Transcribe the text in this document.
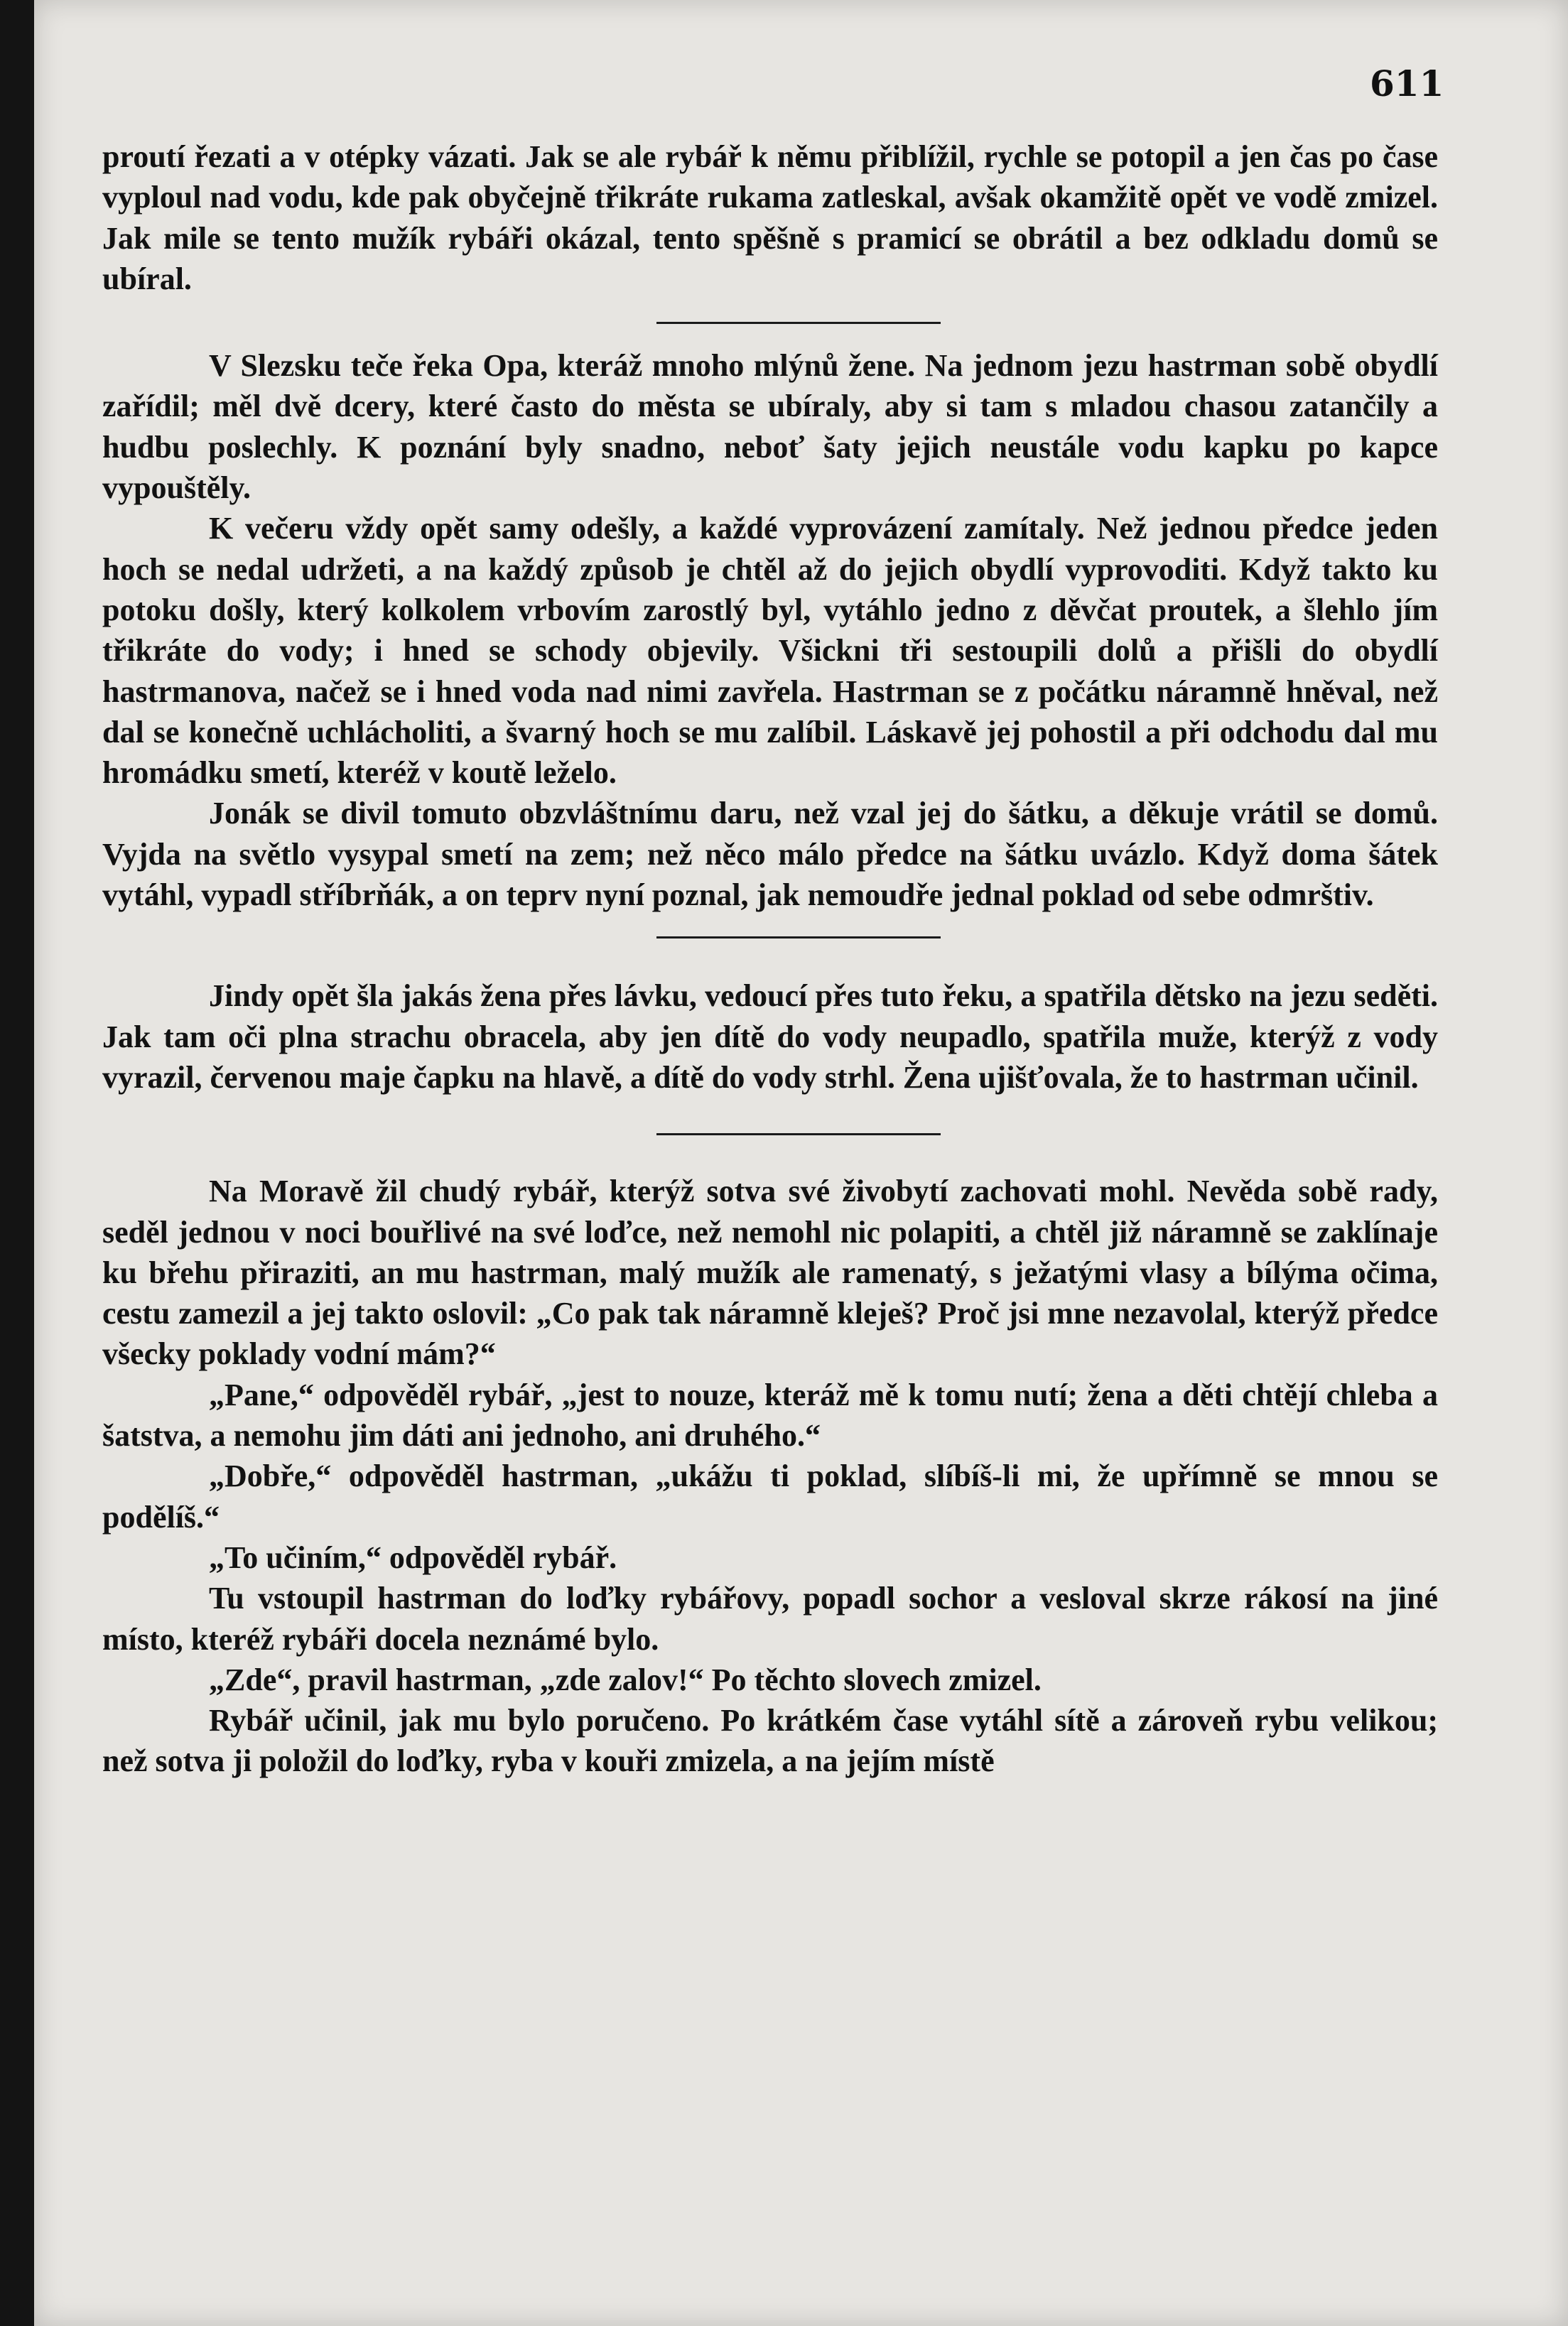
611

proutí řezati a v otépky vázati. Jak se ale rybář k němu přiblížil, rychle se potopil a jen čas po čase vyploul nad vodu, kde pak obyčejně třikráte rukama zatleskal, avšak okamžitě opět ve vodě zmizel. Jak mile se tento mužík rybáři okázal, tento spěšně s pramicí se obrátil a bez odkladu domů se ubíral.

V Slezsku teče řeka Opa, kteráž mnoho mlýnů žene. Na jednom jezu hastrman sobě obydlí zařídil; měl dvě dcery, které často do města se ubíraly, aby si tam s mladou chasou zatančily a hudbu poslechly. K poznání byly snadno, neboť šaty jejich neustále vodu kapku po kapce vypouštěly.

K večeru vždy opět samy odešly, a každé vyprovázení zamítaly. Než jednou předce jeden hoch se nedal udržeti, a na každý způsob je chtěl až do jejich obydlí vyprovoditi. Když takto ku potoku došly, který kolkolem vrbovím zarostlý byl, vytáhlo jedno z děvčat proutek, a šlehlo jím třikráte do vody; i hned se schody objevily. Všickni tři sestoupili dolů a přišli do obydlí hastrmanova, načež se i hned voda nad nimi zavřela. Hastrman se z počátku náramně hněval, než dal se konečně uchlácholiti, a švarný hoch se mu zalíbil. Láskavě jej pohostil a při odchodu dal mu hromádku smetí, kteréž v koutě leželo.

Jonák se divil tomuto obzvláštnímu daru, než vzal jej do šátku, a děkuje vrátil se domů. Vyjda na světlo vysypal smetí na zem; než něco málo předce na šátku uvázlo. Když doma šátek vytáhl, vypadl stříbrňák, a on teprv nyní poznal, jak nemoudře jednal poklad od sebe odmrštiv.

Jindy opět šla jakás žena přes lávku, vedoucí přes tuto řeku, a spatřila dětsko na jezu seděti. Jak tam oči plna strachu obracela, aby jen dítě do vody neupadlo, spatřila muže, kterýž z vody vyrazil, červenou maje čapku na hlavě, a dítě do vody strhl. Žena ujišťovala, že to hastrman učinil.

Na Moravě žil chudý rybář, kterýž sotva své živobytí zachovati mohl. Nevěda sobě rady, seděl jednou v noci bouřlivé na své loďce, než nemohl nic polapiti, a chtěl již náramně se zaklínaje ku břehu přiraziti, an mu hastrman, malý mužík ale ramenatý, s ježatými vlasy a bílýma očima, cestu zamezil a jej takto oslovil: „Co pak tak náramně kleješ? Proč jsi mne nezavolal, kterýž předce všecky poklady vodní mám?“

„Pane,“ odpověděl rybář, „jest to nouze, kteráž mě k tomu nutí; žena a děti chtějí chleba a šatstva, a nemohu jim dáti ani jednoho, ani druhého.“

„Dobře,“ odpověděl hastrman, „ukážu ti poklad, slíbíš-li mi, že upřímně se mnou se podělíš.“

„To učiním,“ odpověděl rybář.

Tu vstoupil hastrman do loďky rybářovy, popadl sochor a vesloval skrze rákosí na jiné místo, kteréž rybáři docela neznámé bylo.

„Zde“, pravil hastrman, „zde zalov!“ Po těchto slovech zmizel.

Rybář učinil, jak mu bylo poručeno. Po krátkém čase vytáhl sítě a zároveň rybu velikou; než sotva ji položil do loďky, ryba v kouři zmizela, a na jejím místě
